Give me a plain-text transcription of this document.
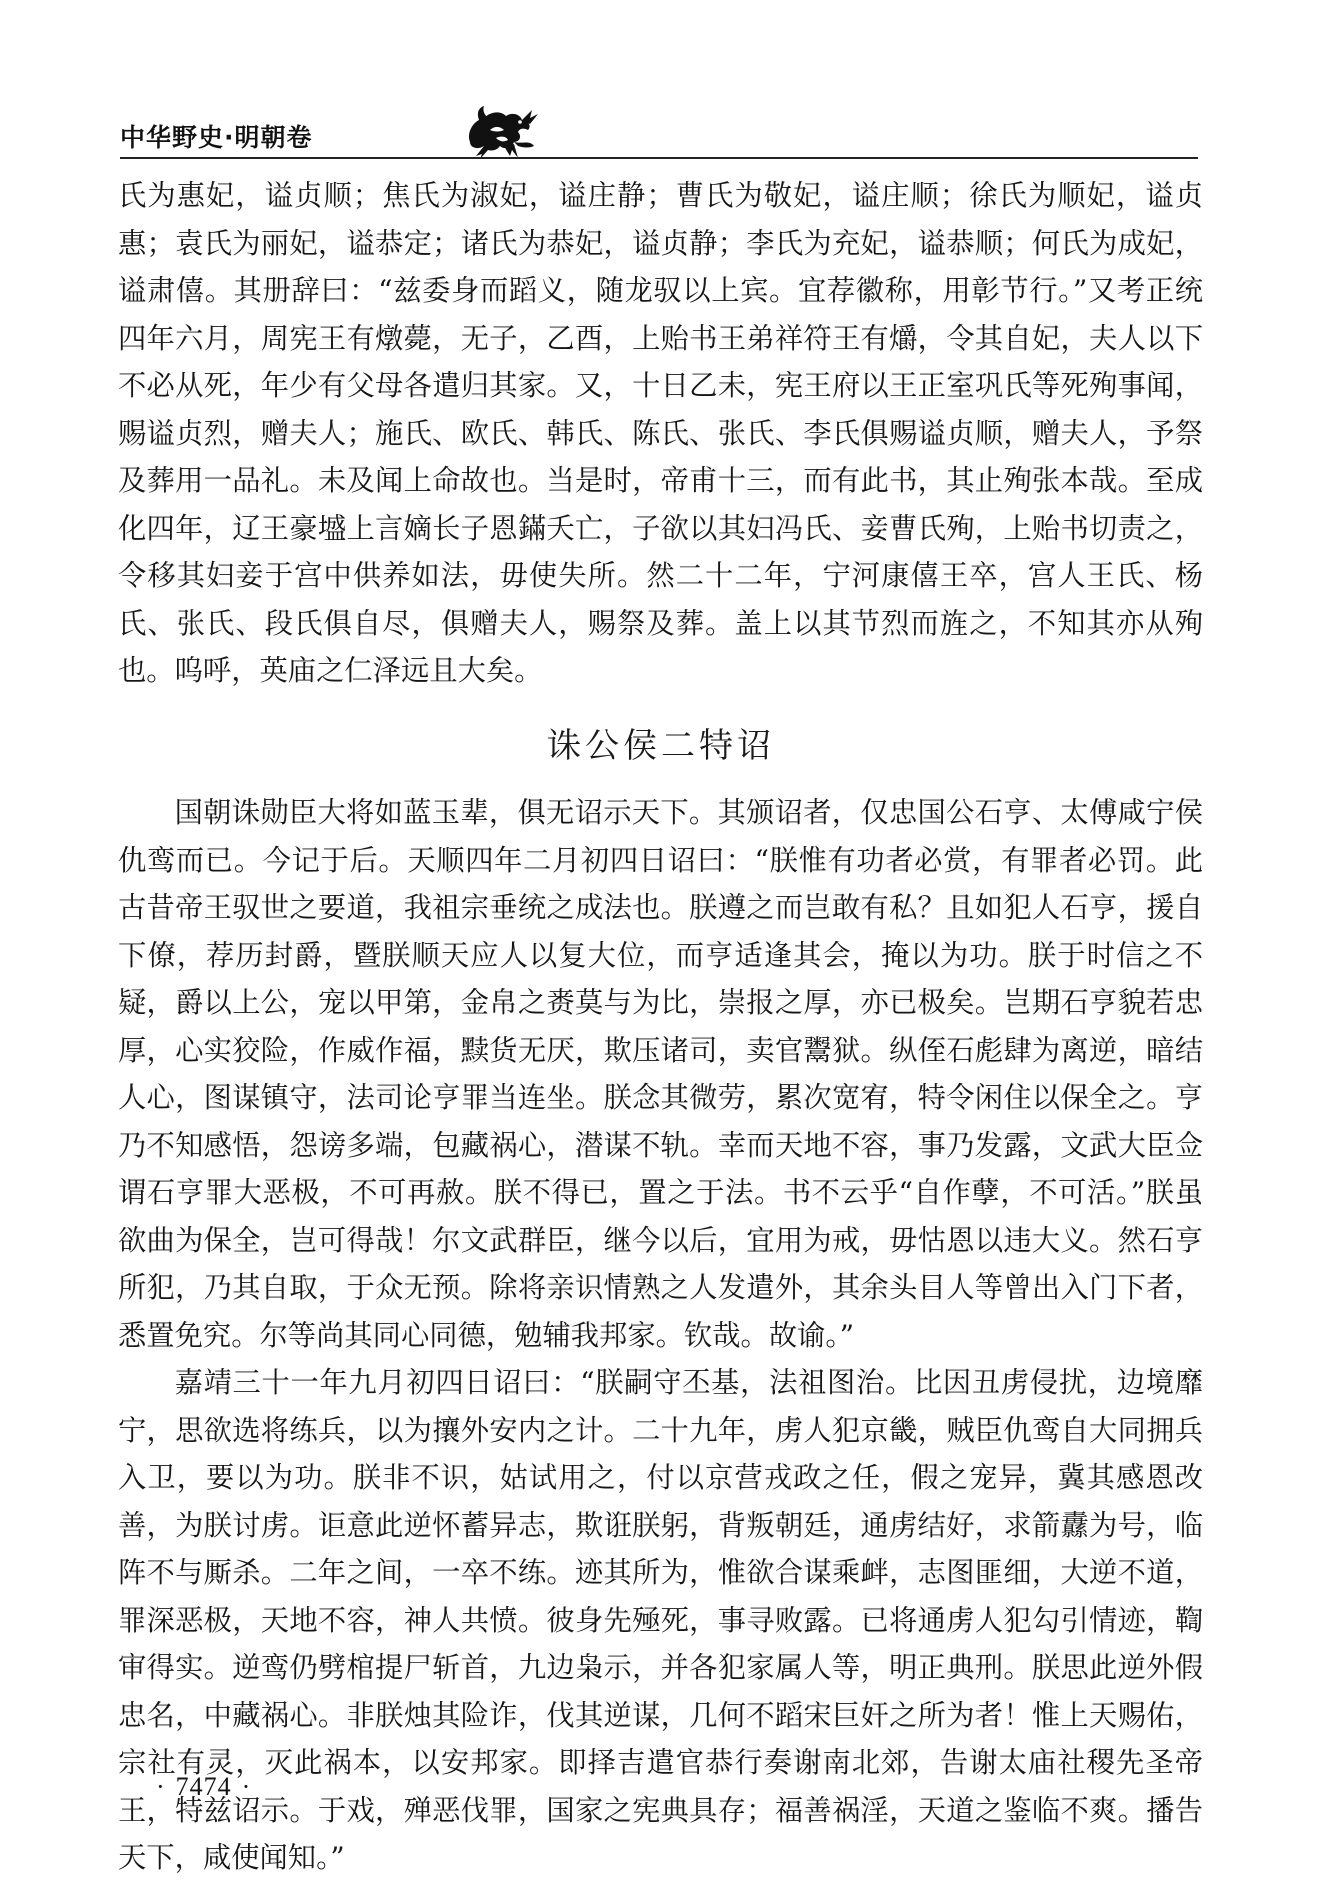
中华野史·明朝卷

氏为惠妃，谥贞顺；焦氏为淑妃，谥庄静；曹氏为敬妃，谥庄顺；徐氏为顺妃，谥贞惠；袁氏为丽妃，谥恭定；诸氏为恭妃，谥贞静；李氏为充妃，谥恭顺；何氏为成妃，谥肃僖。其册辞曰：“兹委身而蹈义，随龙驭以上宾。宜荐徽称，用彰节行。”又考正统四年六月，周宪王有燉薨，无子，乙酉，上贻书王弟祥符王有爝，令其自妃，夫人以下不必从死，年少有父母各遣归其家。又，十日乙未，宪王府以王正室巩氏等死殉事闻，赐谥贞烈，赠夫人；施氏、欧氏、韩氏、陈氏、张氏、李氏俱赐谥贞顺，赠夫人，予祭及葬用一品礼。未及闻上命故也。当是时，帝甫十三，而有此书，其止殉张本哉。至成化四年，辽王豪墭上言嫡长子恩鏋夭亡，子欲以其妇冯氏、妾曹氏殉，上贻书切责之，令移其妇妾于宫中供养如法，毋使失所。然二十二年，宁河康僖王卒，宫人王氏、杨氏、张氏、段氏俱自尽，俱赠夫人，赐祭及葬。盖上以其节烈而旌之，不知其亦从殉也。呜呼，英庙之仁泽远且大矣。

诛公侯二特诏

国朝诛勋臣大将如蓝玉辈，俱无诏示天下。其颁诏者，仅忠国公石亨、太傅咸宁侯仇鸾而已。今记于后。天顺四年二月初四日诏曰：“朕惟有功者必赏，有罪者必罚。此古昔帝王驭世之要道，我祖宗垂统之成法也。朕遵之而岂敢有私？且如犯人石亨，援自下僚，荐历封爵，暨朕顺天应人以复大位，而亨适逢其会，掩以为功。朕于时信之不疑，爵以上公，宠以甲第，金帛之赉莫与为比，崇报之厚，亦已极矣。岂期石亨貌若忠厚，心实狡险，作威作福，黩货无厌，欺压诸司，卖官鬻狱。纵侄石彪肆为离逆，暗结人心，图谋镇守，法司论亨罪当连坐。朕念其微劳，累次宽宥，特令闲住以保全之。亨乃不知感悟，怨谤多端，包藏祸心，潜谋不轨。幸而天地不容，事乃发露，文武大臣佥谓石亨罪大恶极，不可再赦。朕不得已，置之于法。书不云乎“自作孽，不可活。”朕虽欲曲为保全，岂可得哉！尔文武群臣，继今以后，宜用为戒，毋怙恩以违大义。然石亨所犯，乃其自取，于众无预。除将亲识情熟之人发遣外，其余头目人等曾出入门下者，悉置免究。尔等尚其同心同德，勉辅我邦家。钦哉。故谕。”

嘉靖三十一年九月初四日诏曰：“朕嗣守丕基，法祖图治。比因丑虏侵扰，边境靡宁，思欲选将练兵，以为攘外安内之计。二十九年，虏人犯京畿，贼臣仇鸾自大同拥兵入卫，要以为功。朕非不识，姑试用之，付以京营戎政之任，假之宠异，冀其感恩改善，为朕讨虏。讵意此逆怀蓄异志，欺诳朕躬，背叛朝廷，通虏结好，求箭纛为号，临阵不与厮杀。二年之间，一卒不练。迹其所为，惟欲合谋乘衅，志图匪细，大逆不道，罪深恶极，天地不容，神人共愤。彼身先殛死，事寻败露。已将通虏人犯勾引情迹，鞫审得实。逆鸾仍劈棺提尸斩首，九边枭示，并各犯家属人等，明正典刑。朕思此逆外假忠名，中藏祸心。非朕烛其险诈，伐其逆谋，几何不蹈宋巨奸之所为者！惟上天赐佑，宗社有灵，灭此祸本，以安邦家。即择吉遣官恭行奏谢南北郊，告谢太庙社稷先圣帝王，特兹诏示。于戏，殚恶伐罪，国家之宪典具存；福善祸淫，天道之鉴临不爽。播告天下，咸使闻知。”

· 7474 ·
